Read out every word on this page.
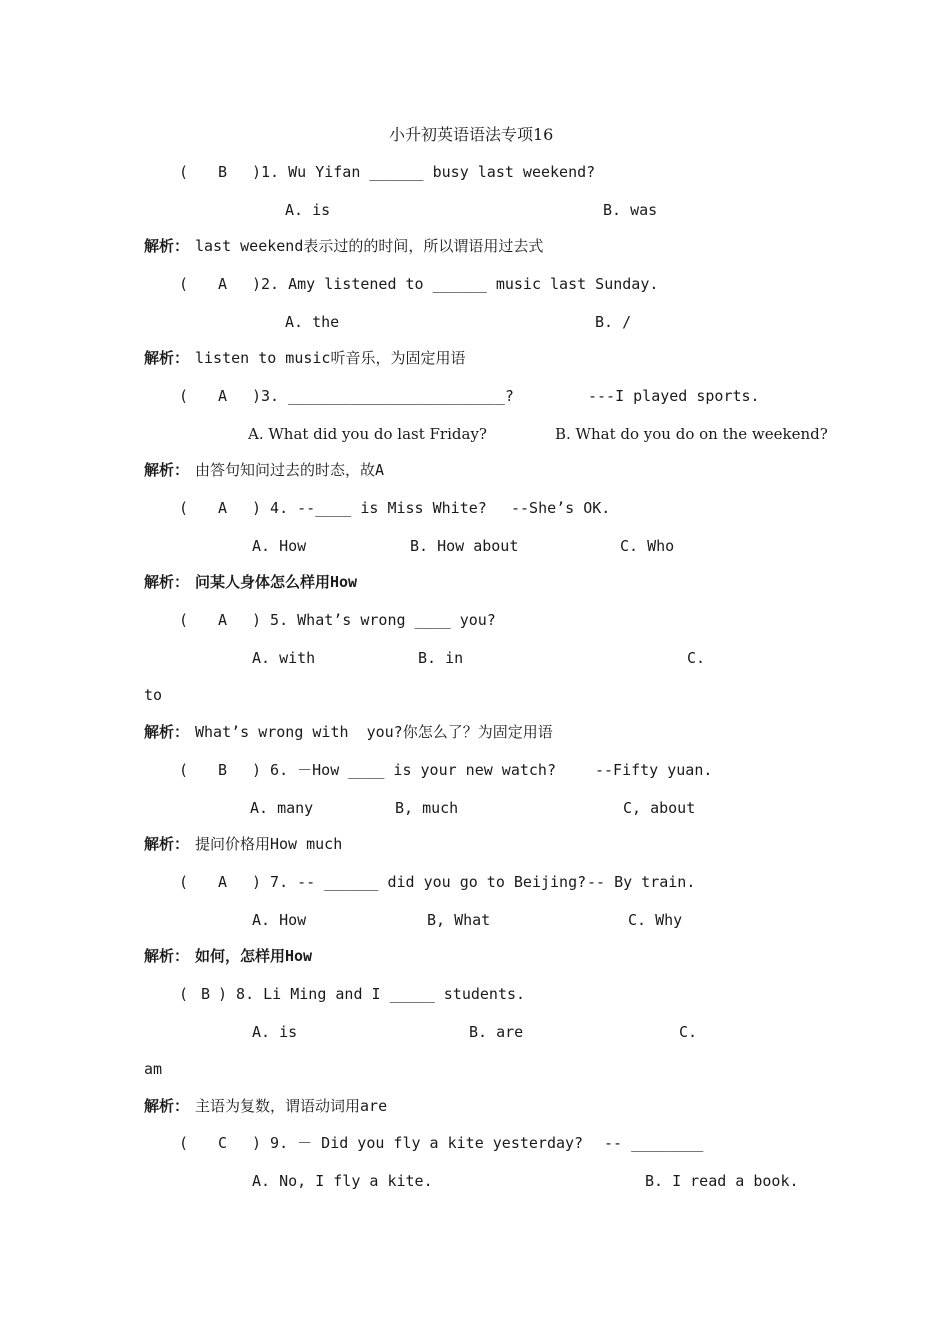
小升初英语语法专项16
( B )1. Wu Yifan ______ busy last weekend?
A. is	B. was
解析： last weekend表示过的的时间，所以谓语用过去式
( A )2. Amy listened to ______ music last Sunday.
A. the	B. /
解析： listen to music听音乐，为固定用语
( A )3. ________________________?	---I played sports.
A. What did you do last Friday?	B. What do you do on the weekend?
解析： 由答句知问过去的时态，故A
( A ) 4. --____ is Miss White? --She’s OK.
A. How	B. How about	C. Who
解析： 问某人身体怎么样用How
( A ) 5. What’s wrong ____ you?
A. with	B. in	C.
to
解析： What’s wrong with  you?你怎么了？为固定用语
( B ) 6. －How ____ is your new watch?	--Fifty yuan.
A. many	B, much	C, about
解析： 提问价格用How much
( A ) 7. -- ______ did you go to Beijing? -- By train.
A. How	B, What	C. Why
解析： 如何，怎样用How
( B ) 8. Li Ming and I _____ students.
A. is	B. are	C.
am
解析： 主语为复数，谓语动词用are
( C ) 9. － Did you fly a kite yesterday? -- ________
A. No, I fly a kite.	B. I read a book.
